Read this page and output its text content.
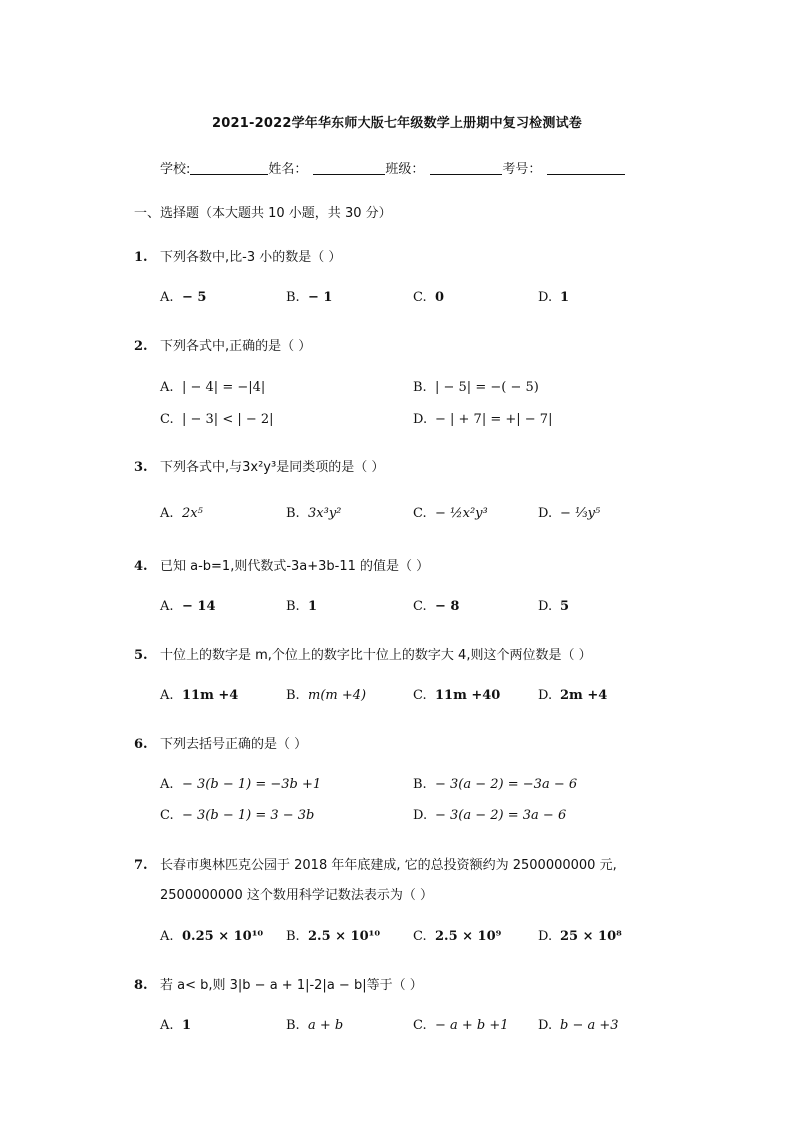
2021-2022学年华东师大版七年级数学上册期中复习检测试卷
学校:	姓名：	班级：	考号：
一、选择题（本大题共 10 小题，共 30 分）
1. 下列各数中,比-3 小的数是（ ）
A. − 5	B. − 1	C. 0	D. 1
2. 下列各式中,正确的是（ ）
A. | − 4| = −|4|	B. | − 5| = −( − 5)
C. | − 3| < | − 2|	D. − | + 7| = +| − 7|
3. 下列各式中,与3x²y³是同类项的是（ ）
A. 2x⁵	B. 3x³y²	C. − ½x²y³	D. − ⅓y⁵
4. 已知 a-b=1,则代数式-3a+3b-11 的值是（ ）
A. − 14	B. 1	C. − 8	D. 5
5. 十位上的数字是 m,个位上的数字比十位上的数字大 4,则这个两位数是（ ）
A. 11m +4	B. m(m +4)	C. 11m +40	D. 2m +4
6. 下列去括号正确的是（ ）
A. − 3(b − 1) = −3b +1	B. − 3(a − 2) = −3a − 6
C. − 3(b − 1) = 3 − 3b	D. − 3(a − 2) = 3a − 6
7. 长春市奥林匹克公园于 2018 年年底建成, 它的总投资额约为 2500000000 元,
2500000000 这个数用科学记数法表示为（ ）
A. 0.25 × 10¹⁰ B. 2.5 × 10¹⁰	C. 2.5 × 10⁹	D. 25 × 10⁸
8. 若 a< b,则 3|b − a + 1|-2|a − b|等于（ ）
A. 1	B. a + b	C. − a + b +1 D. b − a +3
